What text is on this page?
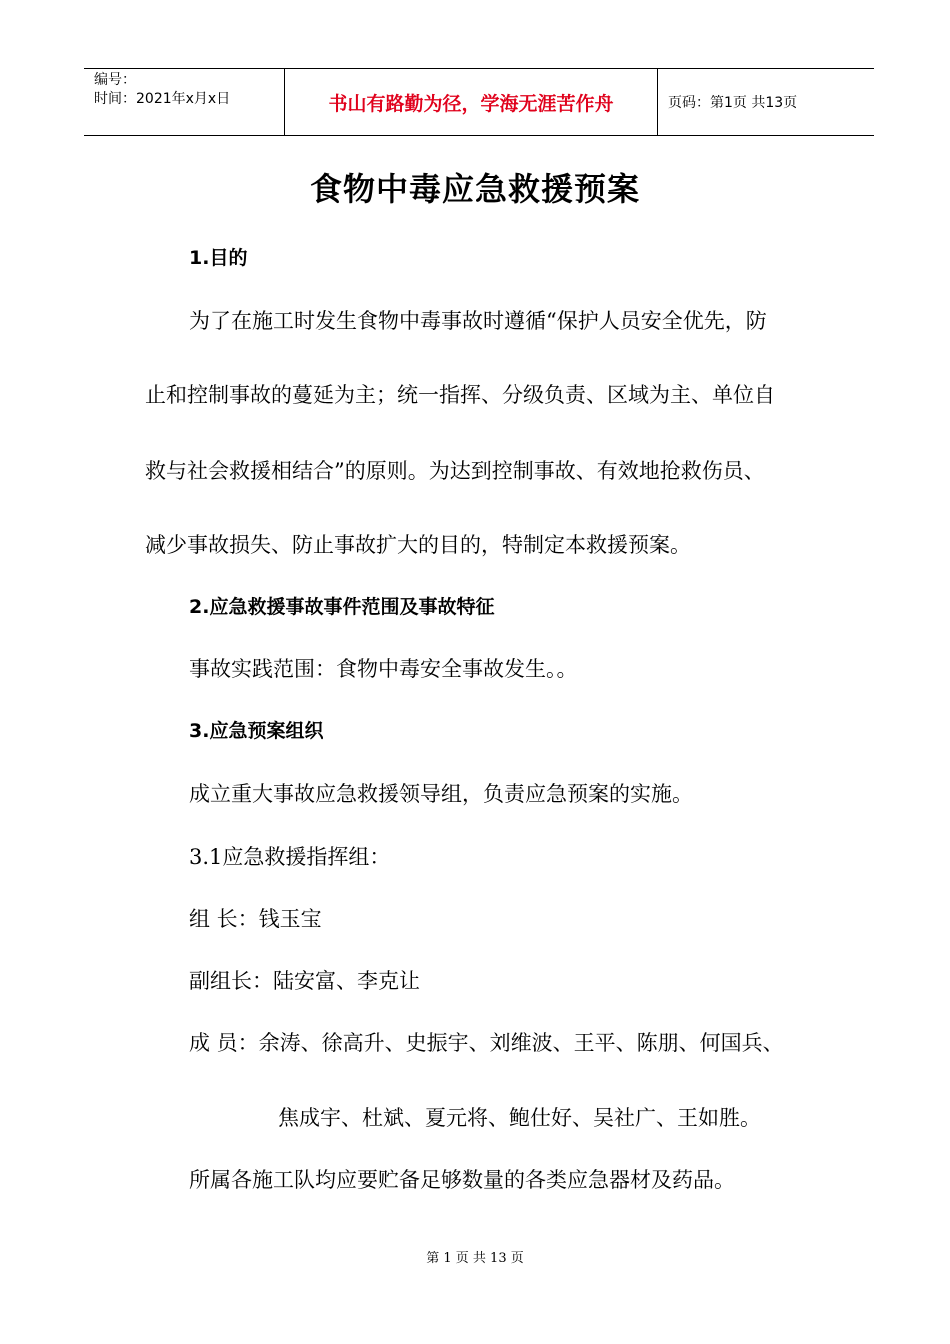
编号：
时间：2021年x月x日	书山有路勤为径，学海无涯苦作舟	页码：第1页 共13页
食物中毒应急救援预案
1.目的
为了在施工时发生食物中毒事故时遵循“保护人员安全优先，防
止和控制事故的蔓延为主；统一指挥、分级负责、区域为主、单位自
救与社会救援相结合”的原则。为达到控制事故、有效地抢救伤员、
减少事故损失、防止事故扩大的目的，特制定本救援预案。
2.应急救援事故事件范围及事故特征
事故实践范围：食物中毒安全事故发生。。
3.应急预案组织
成立重大事故应急救援领导组，负责应急预案的实施。
3.1应急救援指挥组：
组 长：钱玉宝
副组长：陆安富、李克让
成 员：余涛、徐高升、史振宇、刘维波、王平、陈朋、何国兵、
焦成宇、杜斌、夏元将、鲍仕好、吴社广、王如胜。
所属各施工队均应要贮备足够数量的各类应急器材及药品。
第 1 页 共 13 页
